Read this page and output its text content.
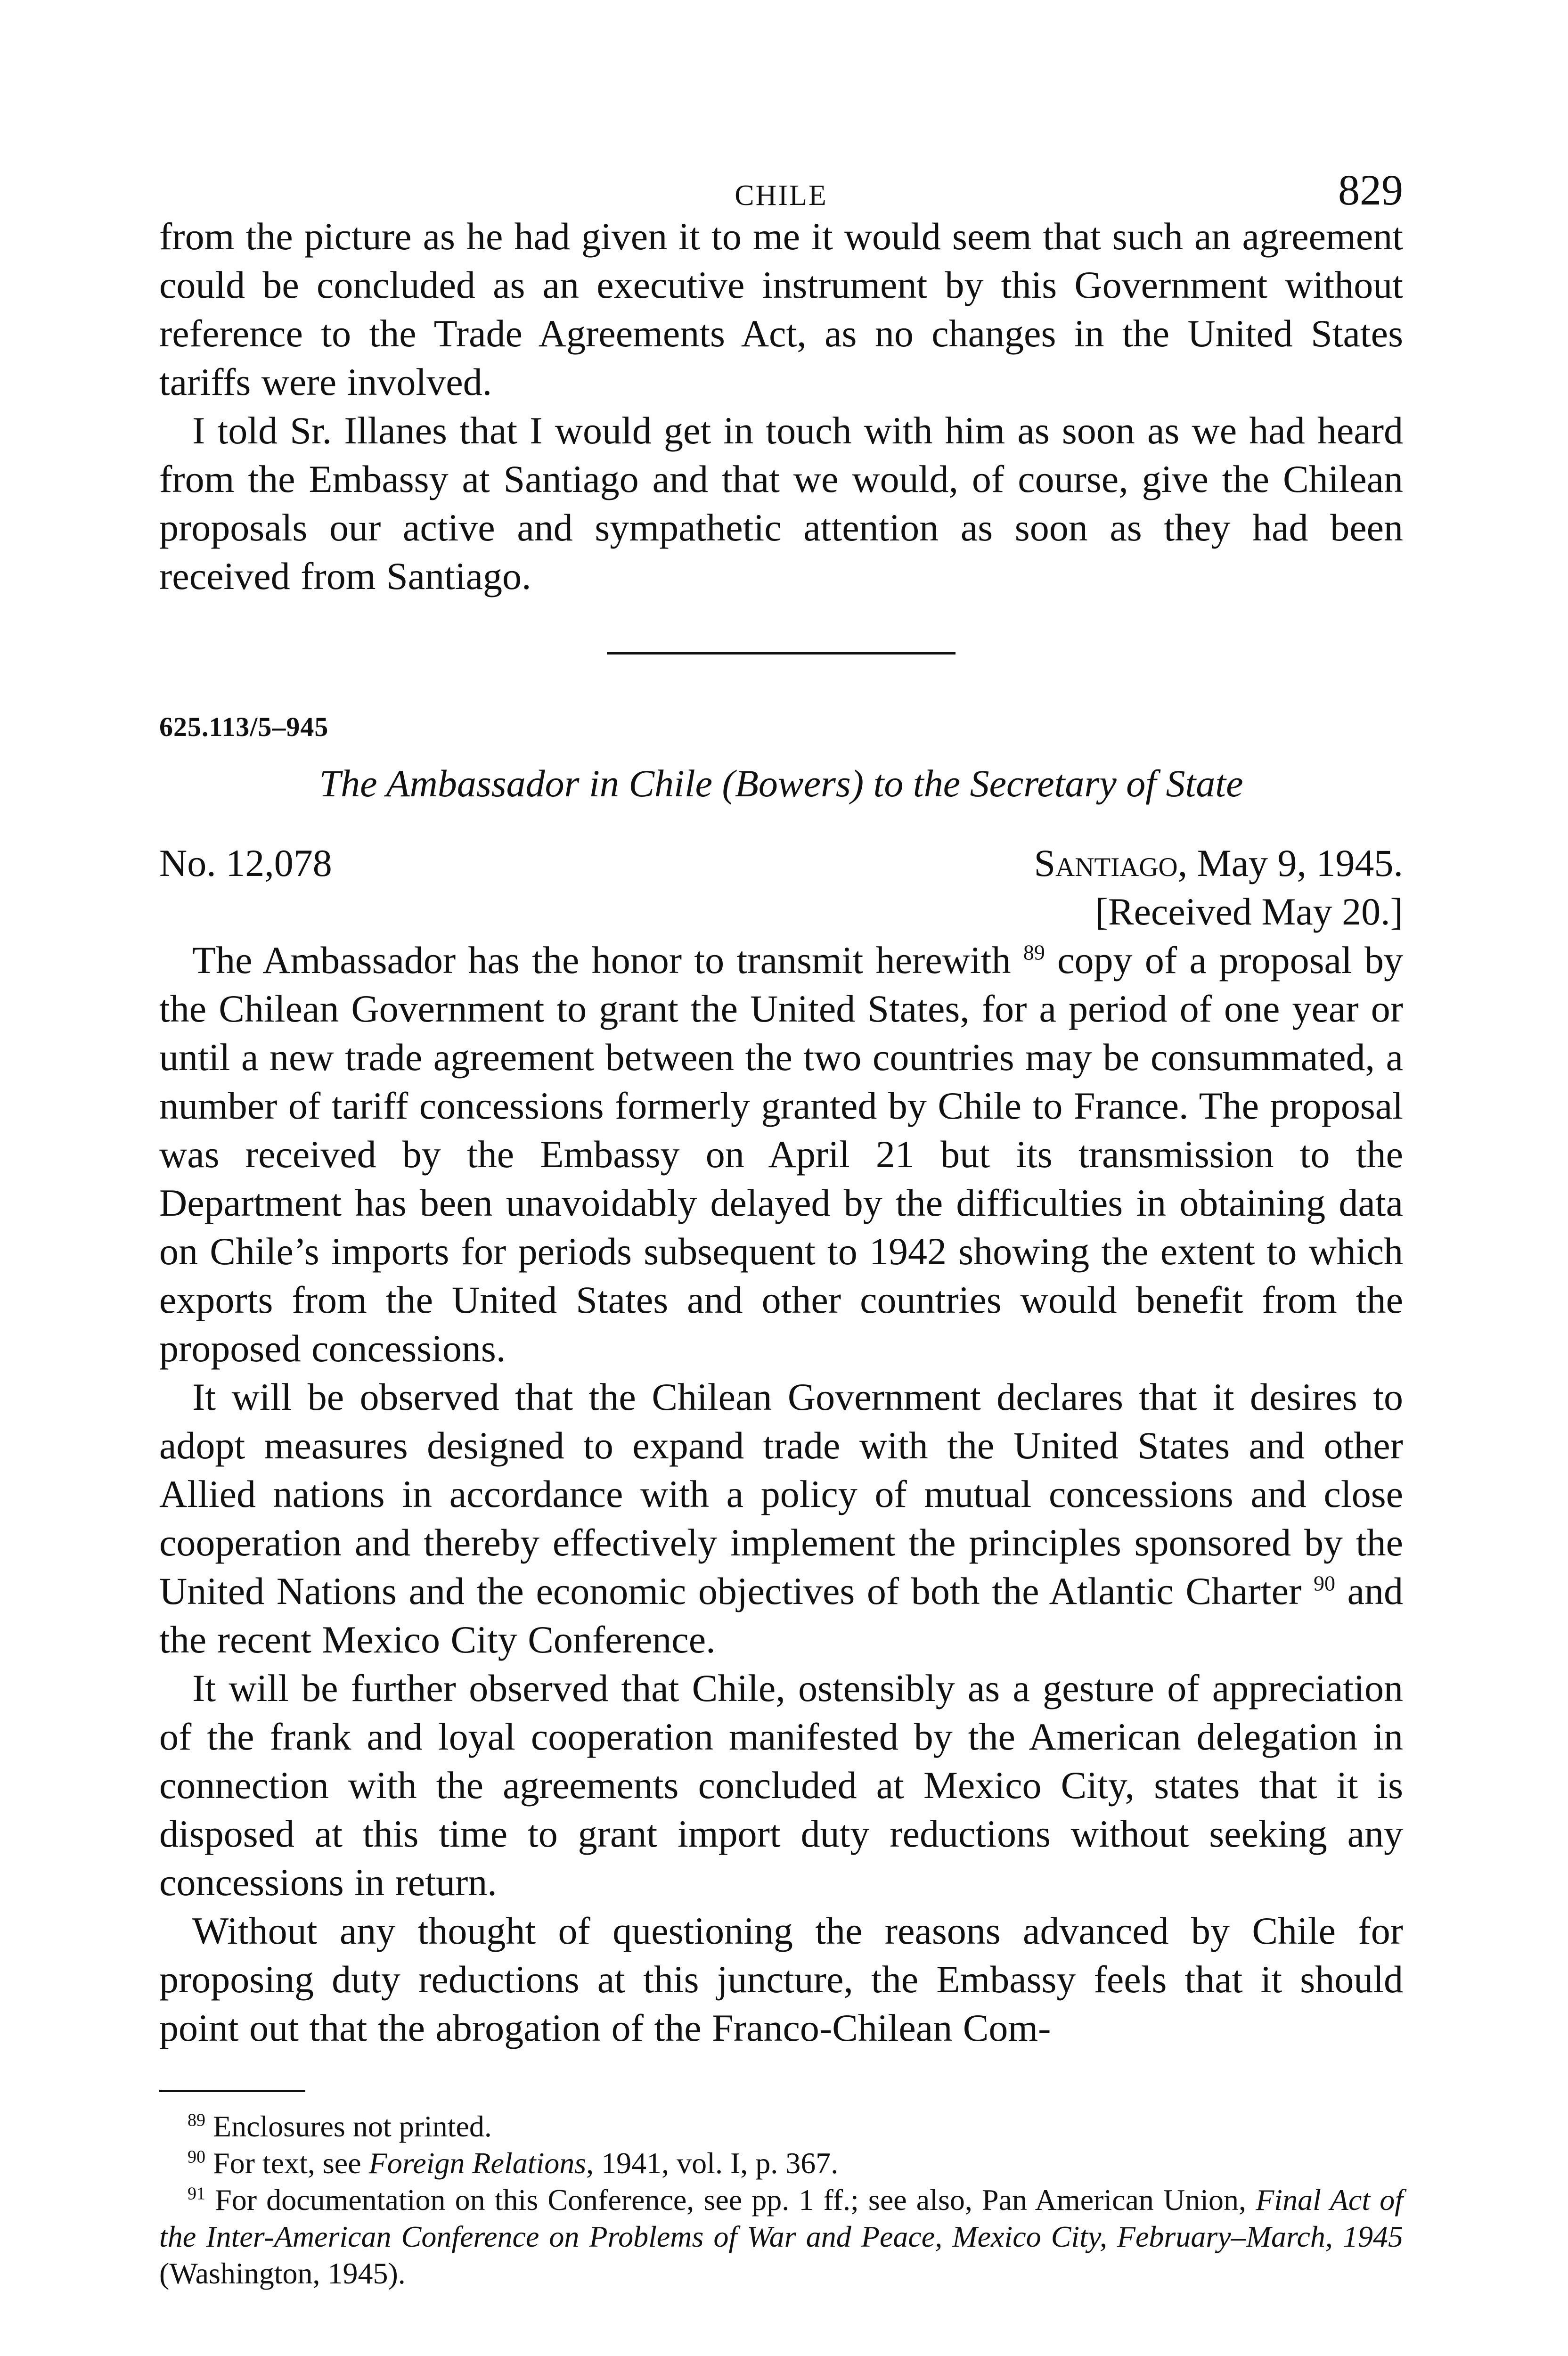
CHILE	829

from the picture as he had given it to me it would seem that such an agreement could be concluded as an executive instrument by this Government without reference to the Trade Agreements Act, as no changes in the United States tariffs were involved.

I told Sr. Illanes that I would get in touch with him as soon as we had heard from the Embassy at Santiago and that we would, of course, give the Chilean proposals our active and sympathetic attention as soon as they had been received from Santiago.

625.113/5–945
The Ambassador in Chile (Bowers) to the Secretary of State
No. 12,078	Santiago, May 9, 1945.

[Received May 20.]

The Ambassador has the honor to transmit herewith $^{89}$ copy of a proposal by the Chilean Government to grant the United States, for a period of one year or until a new trade agreement between the two countries may be consummated, a number of tariff concessions formerly granted by Chile to France. The proposal was received by the Embassy on April 21 but its transmission to the Department has been unavoidably delayed by the difficulties in obtaining data on Chile’s imports for periods subsequent to 1942 showing the extent to which exports from the United States and other countries would benefit from the proposed concessions.

It will be observed that the Chilean Government declares that it desires to adopt measures designed to expand trade with the United States and other Allied nations in accordance with a policy of mutual concessions and close cooperation and thereby effectively implement the principles sponsored by the United Nations and the economic objectives of both the Atlantic Charter $^{90}$ and the recent Mexico City Conference.

It will be further observed that Chile, ostensibly as a gesture of appreciation of the frank and loyal cooperation manifested by the American delegation in connection with the agreements concluded at Mexico City, states that it is disposed at this time to grant import duty reductions without seeking any concessions in return.

Without any thought of questioning the reasons advanced by Chile for proposing duty reductions at this juncture, the Embassy feels that it should point out that the abrogation of the Franco-Chilean Com-

$^{89}$ Enclosures not printed.

$^{90}$ For text, see Foreign Relations, 1941, vol. I, p. 367.

$^{91}$ For documentation on this Conference, see pp. 1 ff.; see also, Pan American Union, Final Act of the Inter-American Conference on Problems of War and Peace, Mexico City, February–March, 1945 (Washington, 1945).
